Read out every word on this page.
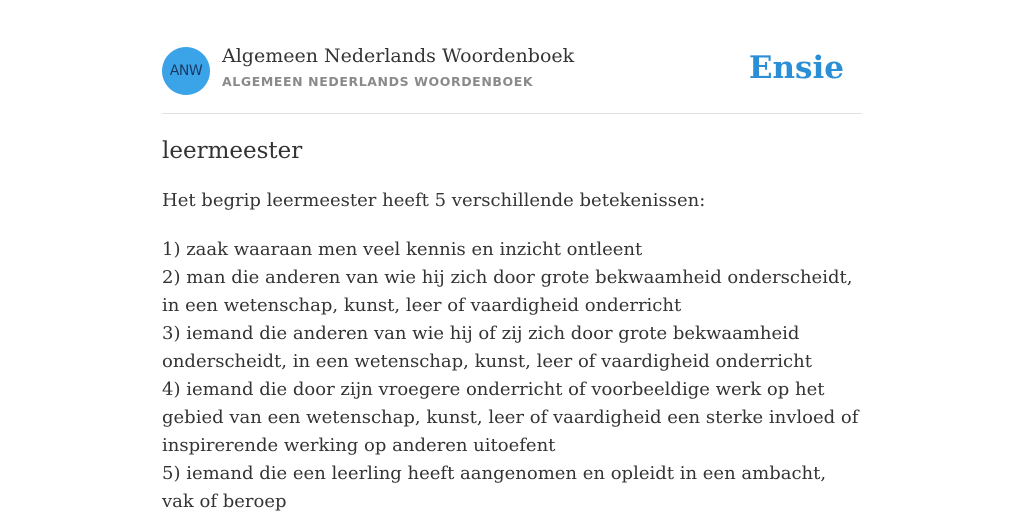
ANW
Algemeen Nederlands Woordenboek
ALGEMEEN NEDERLANDS WOORDENBOEK	Ensie
leermeester

Het begrip leermeester heeft 5 verschillende betekenissen:

1) zaak waaraan men veel kennis en inzicht ontleent
2) man die anderen van wie hij zich door grote bekwaamheid onderscheidt, in een wetenschap, kunst, leer of vaardigheid onderricht
3) iemand die anderen van wie hij of zij zich door grote bekwaamheid onderscheidt, in een wetenschap, kunst, leer of vaardigheid onderricht
4) iemand die door zijn vroegere onderricht of voorbeeldige werk op het gebied van een wetenschap, kunst, leer of vaardigheid een sterke invloed of inspirerende werking op anderen uitoefent
5) iemand die een leerling heeft aangenomen en opleidt in een ambacht, vak of beroep
